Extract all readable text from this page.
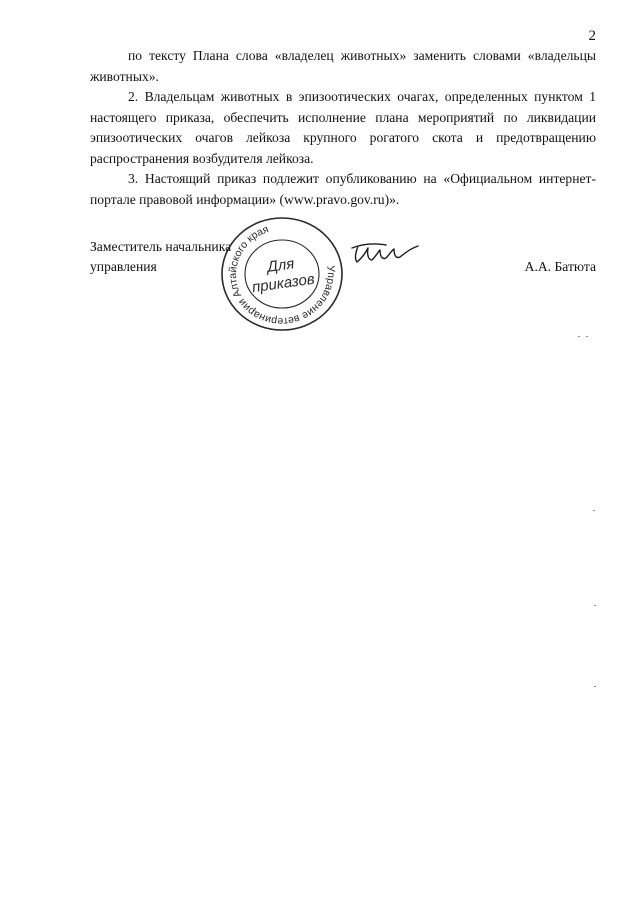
2

по тексту Плана слова «владелец животных» заменить словами «владельцы животных».

2. Владельцам животных в эпизоотических очагах, определенных пунктом 1 настоящего приказа, обеспечить исполнение плана мероприятий по ликвидации эпизоотических очагов лейкоза крупного рогатого скота и предотвращению распространения возбудителя лейкоза.

3. Настоящий приказ подлежит опубликованию на «Официальном интернет-портале правовой информации» (www.pravo.gov.ru)».

Заместитель начальника управления	А.А. Батюта
Управление ветеринарии Алтайского края
Для
приказов
